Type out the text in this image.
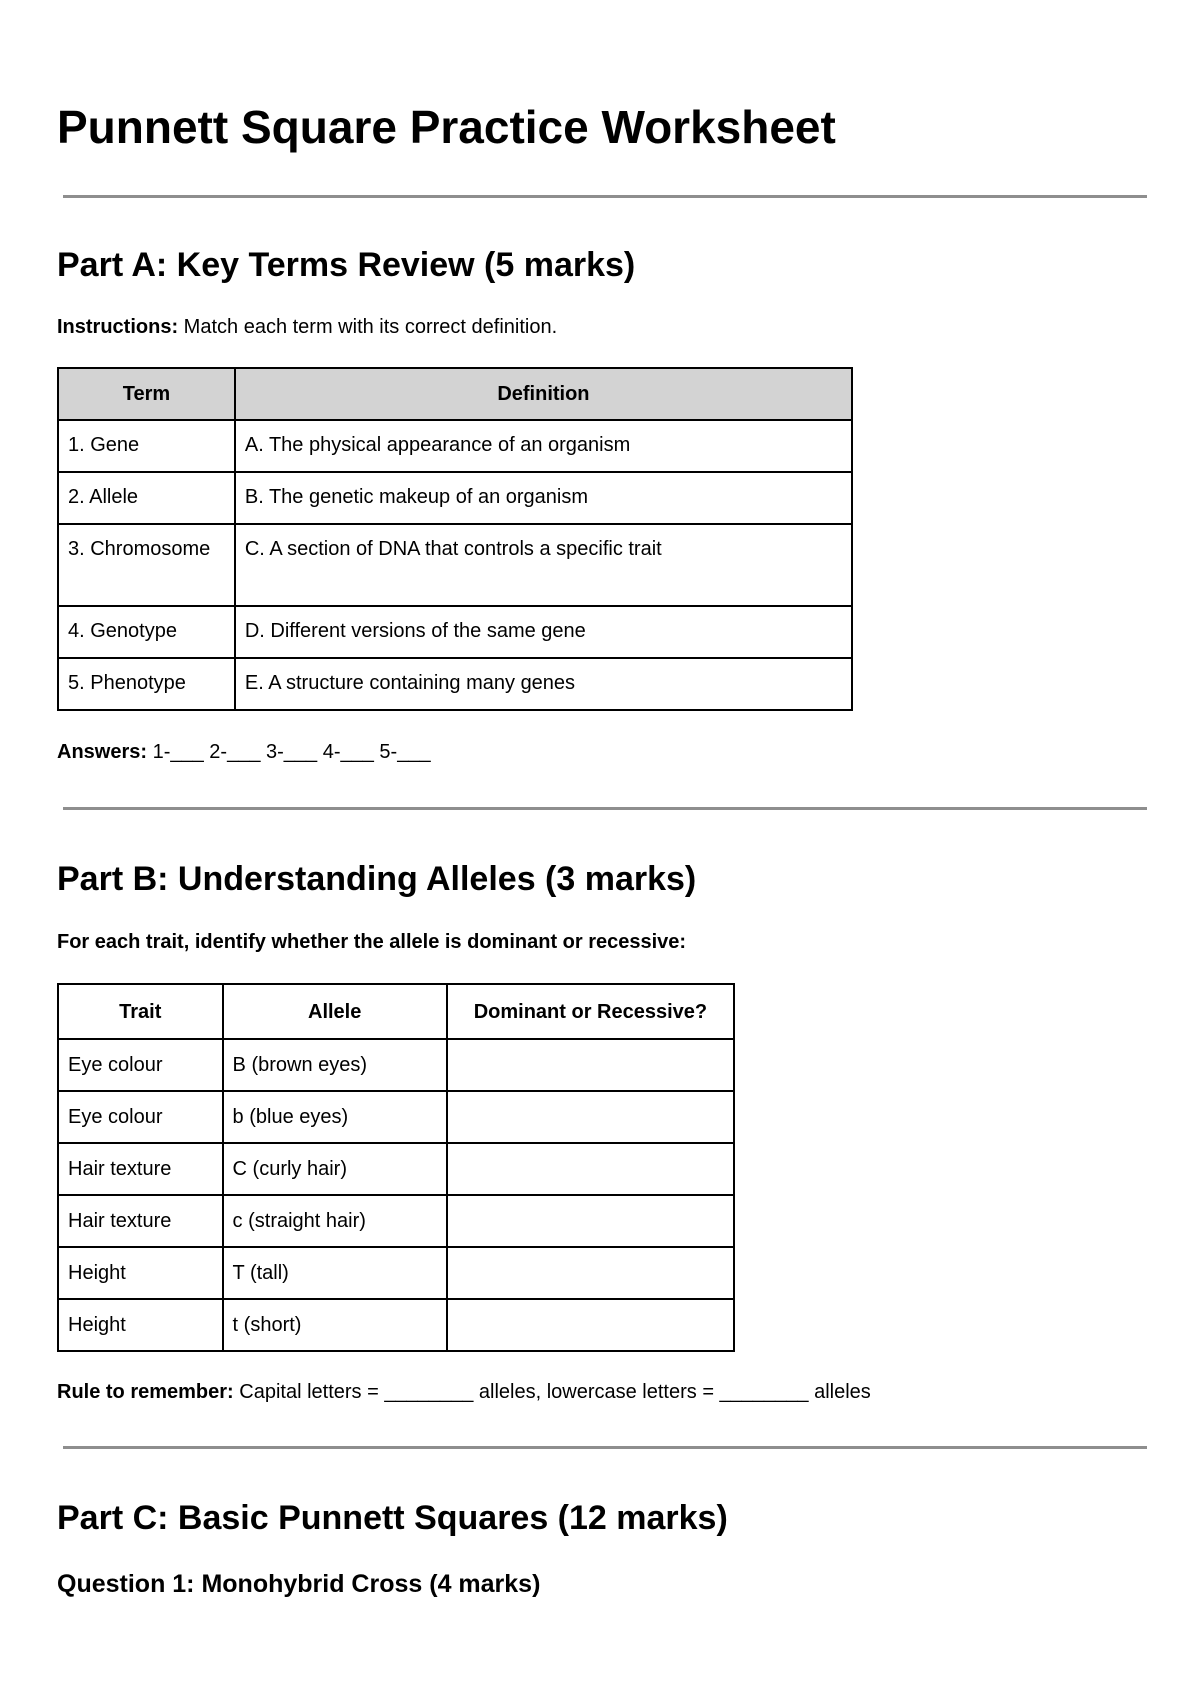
Punnett Square Practice Worksheet
Part A: Key Terms Review (5 marks)

Instructions: Match each term with its correct definition.

Term	Definition
1. Gene	A. The physical appearance of an organism
2. Allele	B. The genetic makeup of an organism
3. Chromosome	C. A section of DNA that controls a specific trait
4. Genotype	D. Different versions of the same gene
5. Phenotype	E. A structure containing many genes

Answers: 1-___ 2-___ 3-___ 4-___ 5-___

Part B: Understanding Alleles (3 marks)

For each trait, identify whether the allele is dominant or recessive:

Trait	Allele	Dominant or Recessive?
Eye colour	B (brown eyes)	
Eye colour	b (blue eyes)	
Hair texture	C (curly hair)	
Hair texture	c (straight hair)	
Height	T (tall)	
Height	t (short)	

Rule to remember: Capital letters = ________ alleles, lowercase letters = ________ alleles

Part C: Basic Punnett Squares (12 marks)
Question 1: Monohybrid Cross (4 marks)
